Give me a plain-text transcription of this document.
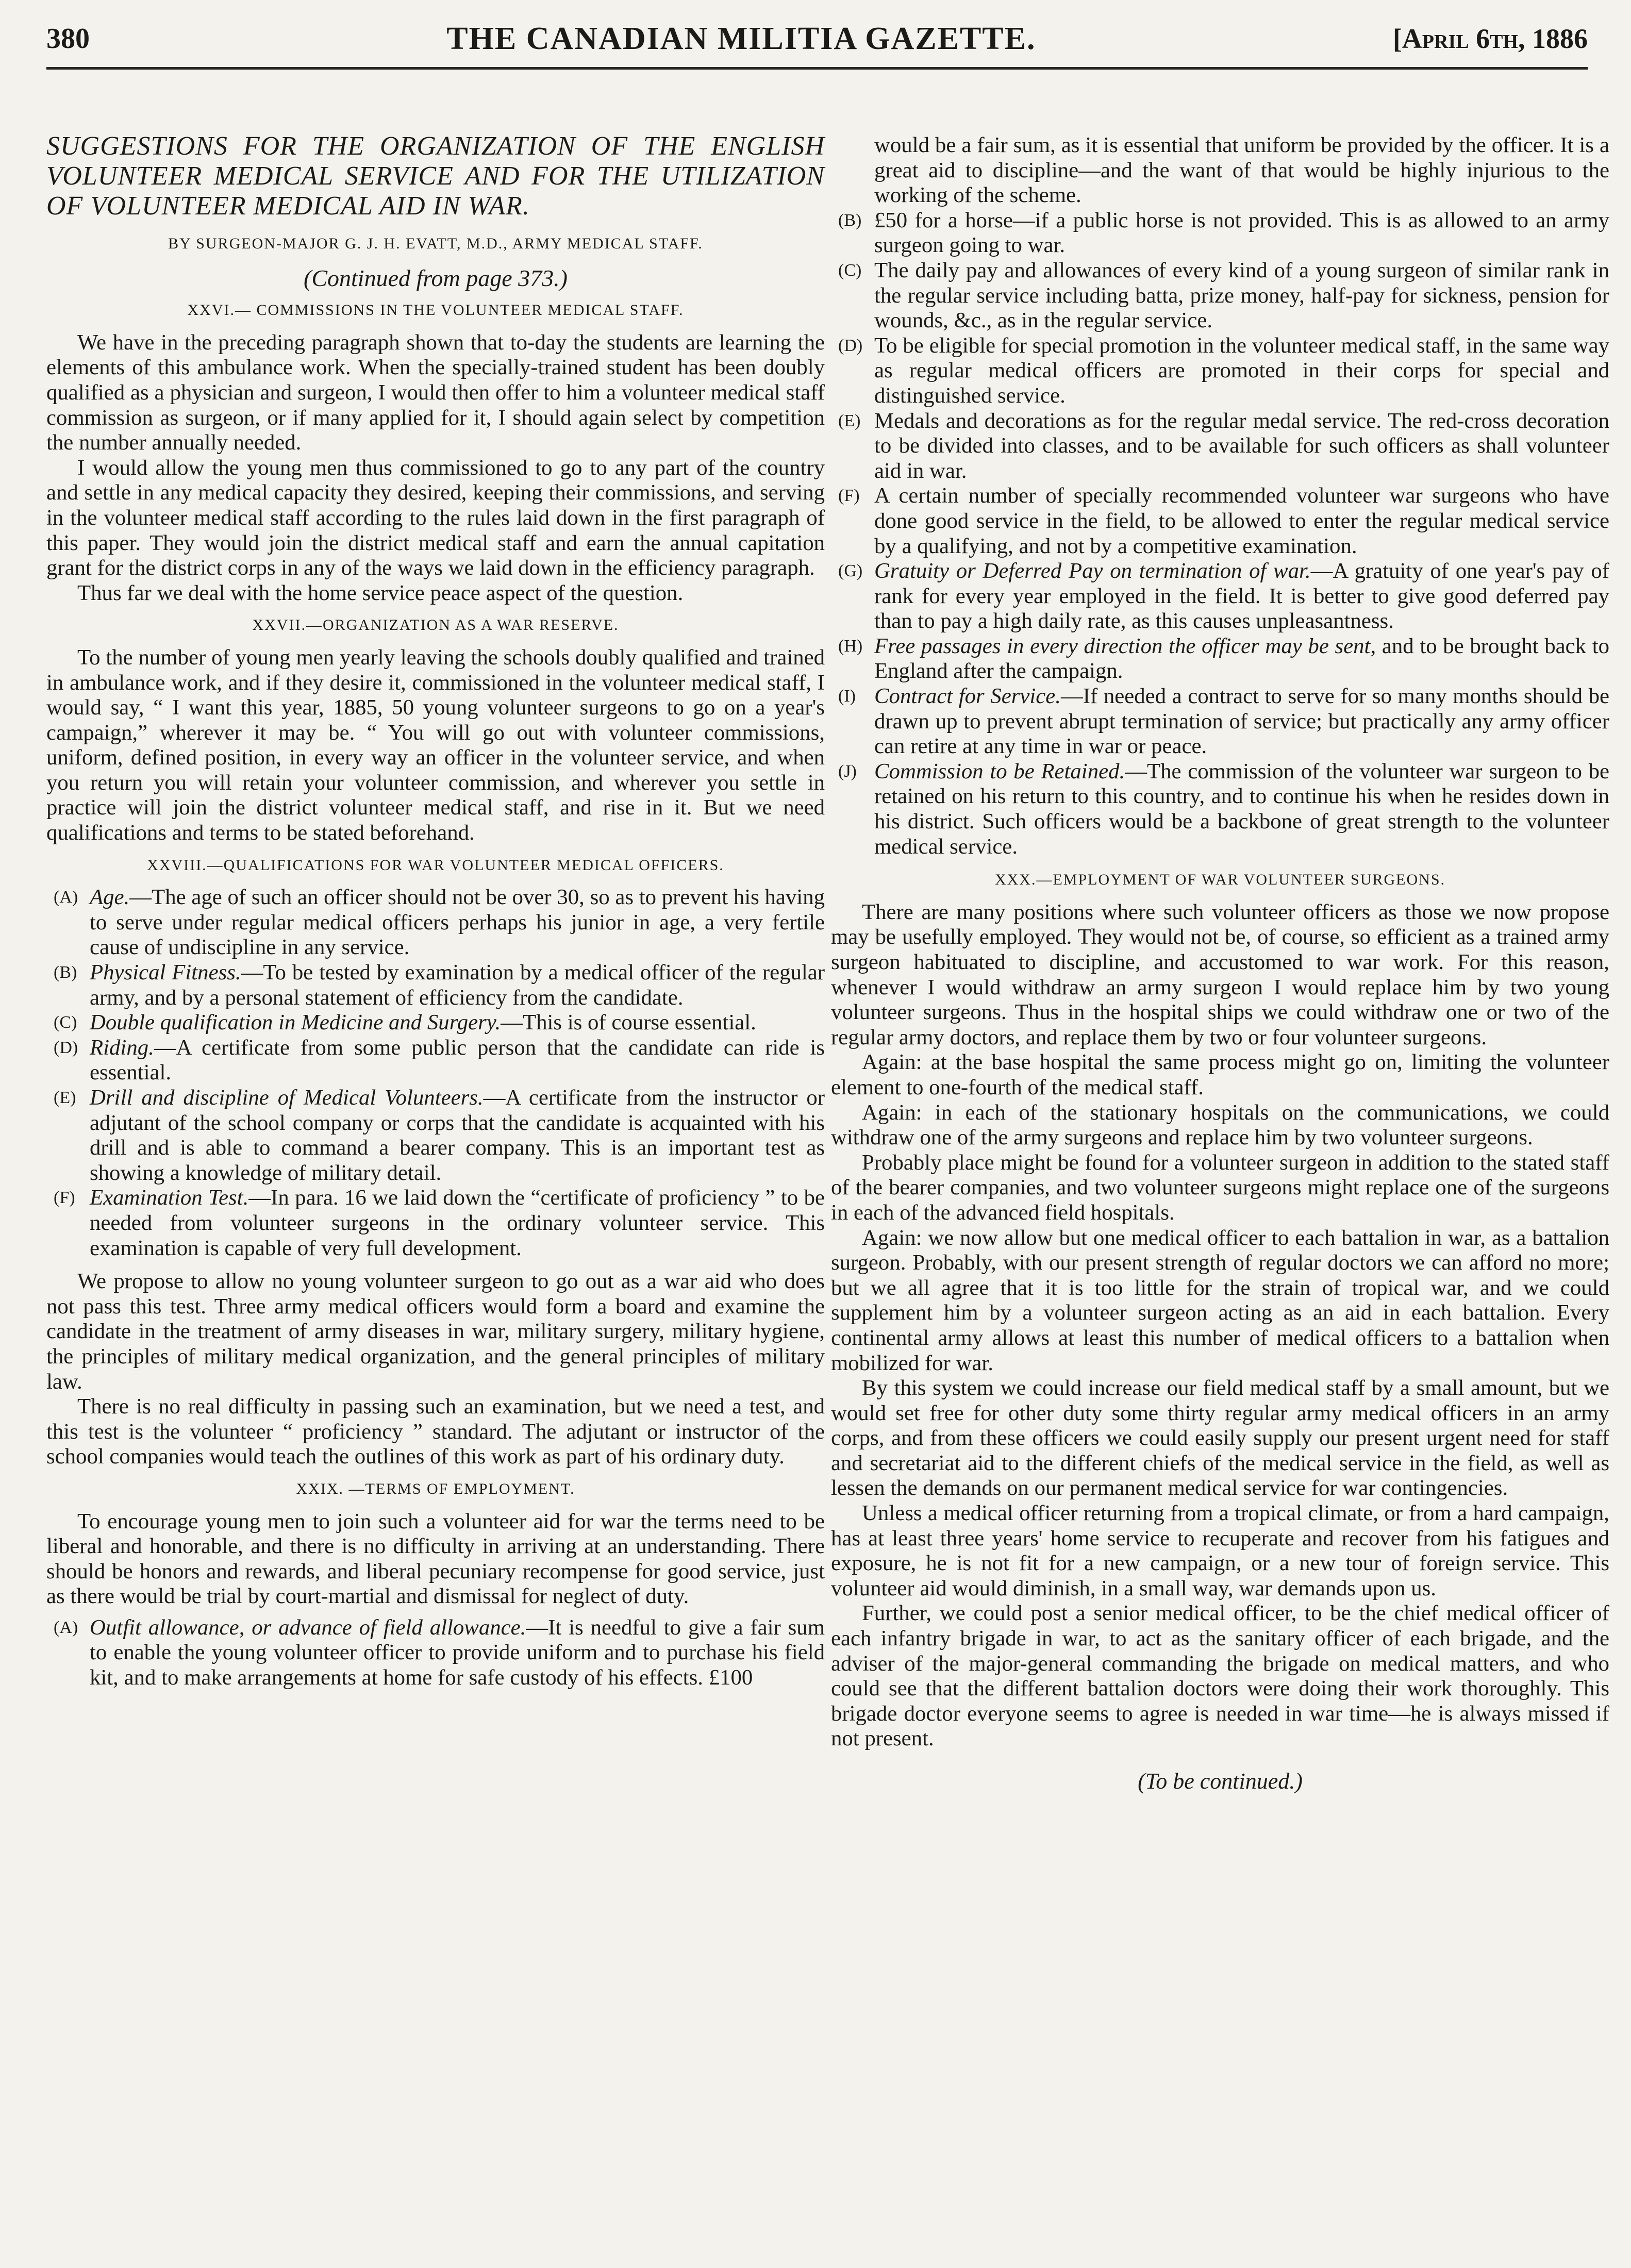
380	THE CANADIAN MILITIA GAZETTE.	[April 6th, 1886

SUGGESTIONS FOR THE ORGANIZATION OF THE ENGLISH VOLUNTEER MEDICAL SERVICE AND FOR THE UTILIZATION OF VOLUNTEER MEDICAL AID IN WAR.

BY SURGEON-MAJOR G. J. H. EVATT, M.D., ARMY MEDICAL STAFF.

(Continued from page 373.)

XXVI.— COMMISSIONS IN THE VOLUNTEER MEDICAL STAFF.

We have in the preceding paragraph shown that to-day the students are learning the elements of this ambulance work. When the specially-trained student has been doubly qualified as a physician and surgeon, I would then offer to him a volunteer medical staff commission as surgeon, or if many applied for it, I should again select by competition the number annually needed.

I would allow the young men thus commissioned to go to any part of the country and settle in any medical capacity they desired, keeping their commissions, and serving in the volunteer medical staff according to the rules laid down in the first paragraph of this paper. They would join the district medical staff and earn the annual capitation grant for the district corps in any of the ways we laid down in the efficiency paragraph.

Thus far we deal with the home service peace aspect of the question.

XXVII.—ORGANIZATION AS A WAR RESERVE.

To the number of young men yearly leaving the schools doubly qualified and trained in ambulance work, and if they desire it, commissioned in the volunteer medical staff, I would say, “ I want this year, 1885, 50 young volunteer surgeons to go on a year's campaign,” wherever it may be. “ You will go out with volunteer commissions, uniform, defined position, in every way an officer in the volunteer service, and when you return you will retain your volunteer commission, and wherever you settle in practice will join the district volunteer medical staff, and rise in it. But we need qualifications and terms to be stated beforehand.

XXVIII.—QUALIFICATIONS FOR WAR VOLUNTEER MEDICAL OFFICERS.
(A) Age.—The age of such an officer should not be over 30, so as to prevent his having to serve under regular medical officers perhaps his junior in age, a very fertile cause of undiscipline in any service.
(B) Physical Fitness.—To be tested by examination by a medical officer of the regular army, and by a personal statement of efficiency from the candidate.
(C) Double qualification in Medicine and Surgery.—This is of course essential.
(D) Riding.—A certificate from some public person that the candidate can ride is essential.
(E) Drill and discipline of Medical Volunteers.—A certificate from the instructor or adjutant of the school company or corps that the candidate is acquainted with his drill and is able to command a bearer company. This is an important test as showing a knowledge of military detail.
(F) Examination Test.—In para. 16 we laid down the “certificate of proficiency ” to be needed from volunteer surgeons in the ordinary volunteer service. This examination is capable of very full development.

We propose to allow no young volunteer surgeon to go out as a war aid who does not pass this test. Three army medical officers would form a board and examine the candidate in the treatment of army diseases in war, military surgery, military hygiene, the principles of military medical organization, and the general principles of military law.

There is no real difficulty in passing such an examination, but we need a test, and this test is the volunteer “ proficiency ” standard. The adjutant or instructor of the school companies would teach the outlines of this work as part of his ordinary duty.

XXIX. —TERMS OF EMPLOYMENT.

To encourage young men to join such a volunteer aid for war the terms need to be liberal and honorable, and there is no difficulty in arriving at an understanding. There should be honors and rewards, and liberal pecuniary recompense for good service, just as there would be trial by court-martial and dismissal for neglect of duty.

(A) Outfit allowance, or advance of field allowance.—It is needful to give a fair sum to enable the young volunteer officer to provide uniform and to purchase his field kit, and to make arrangements at home for safe custody of his effects. £100
would be a fair sum, as it is essential that uniform be provided by the officer. It is a great aid to discipline—and the want of that would be highly injurious to the working of the scheme.
(B) £50 for a horse—if a public horse is not provided. This is as allowed to an army surgeon going to war.
(C) The daily pay and allowances of every kind of a young surgeon of similar rank in the regular service including batta, prize money, half-pay for sickness, pension for wounds, &c., as in the regular service.
(D) To be eligible for special promotion in the volunteer medical staff, in the same way as regular medical officers are promoted in their corps for special and distinguished service.
(E) Medals and decorations as for the regular medal service. The red-cross decoration to be divided into classes, and to be available for such officers as shall volunteer aid in war.
(F) A certain number of specially recommended volunteer war surgeons who have done good service in the field, to be allowed to enter the regular medical service by a qualifying, and not by a competitive examination.
(G) Gratuity or Deferred Pay on termination of war.—A gratuity of one year's pay of rank for every year employed in the field. It is better to give good deferred pay than to pay a high daily rate, as this causes unpleasantness.
(H) Free passages in every direction the officer may be sent, and to be brought back to England after the campaign.
(I) Contract for Service.—If needed a contract to serve for so many months should be drawn up to prevent abrupt termination of service; but practically any army officer can retire at any time in war or peace.
(J) Commission to be Retained.—The commission of the volunteer war surgeon to be retained on his return to this country, and to continue his when he resides down in his district. Such officers would be a backbone of great strength to the volunteer medical service.
XXX.—EMPLOYMENT OF WAR VOLUNTEER SURGEONS.

There are many positions where such volunteer officers as those we now propose may be usefully employed. They would not be, of course, so efficient as a trained army surgeon habituated to discipline, and accustomed to war work. For this reason, whenever I would withdraw an army surgeon I would replace him by two young volunteer surgeons. Thus in the hospital ships we could withdraw one or two of the regular army doctors, and replace them by two or four volunteer surgeons.

Again: at the base hospital the same process might go on, limiting the volunteer element to one-fourth of the medical staff.

Again: in each of the stationary hospitals on the communications, we could withdraw one of the army surgeons and replace him by two volunteer surgeons.

Probably place might be found for a volunteer surgeon in addition to the stated staff of the bearer companies, and two volunteer surgeons might replace one of the surgeons in each of the advanced field hospitals.

Again: we now allow but one medical officer to each battalion in war, as a battalion surgeon. Probably, with our present strength of regular doctors we can afford no more; but we all agree that it is too little for the strain of tropical war, and we could supplement him by a volunteer surgeon acting as an aid in each battalion. Every continental army allows at least this number of medical officers to a battalion when mobilized for war.

By this system we could increase our field medical staff by a small amount, but we would set free for other duty some thirty regular army medical officers in an army corps, and from these officers we could easily supply our present urgent need for staff and secretariat aid to the different chiefs of the medical service in the field, as well as lessen the demands on our permanent medical service for war contingencies.

Unless a medical officer returning from a tropical climate, or from a hard campaign, has at least three years' home service to recuperate and recover from his fatigues and exposure, he is not fit for a new campaign, or a new tour of foreign service. This volunteer aid would diminish, in a small way, war demands upon us.

Further, we could post a senior medical officer, to be the chief medical officer of each infantry brigade in war, to act as the sanitary officer of each brigade, and the adviser of the major-general commanding the brigade on medical matters, and who could see that the different battalion doctors were doing their work thoroughly. This brigade doctor everyone seems to agree is needed in war time—he is always missed if not present.

(To be continued.)
